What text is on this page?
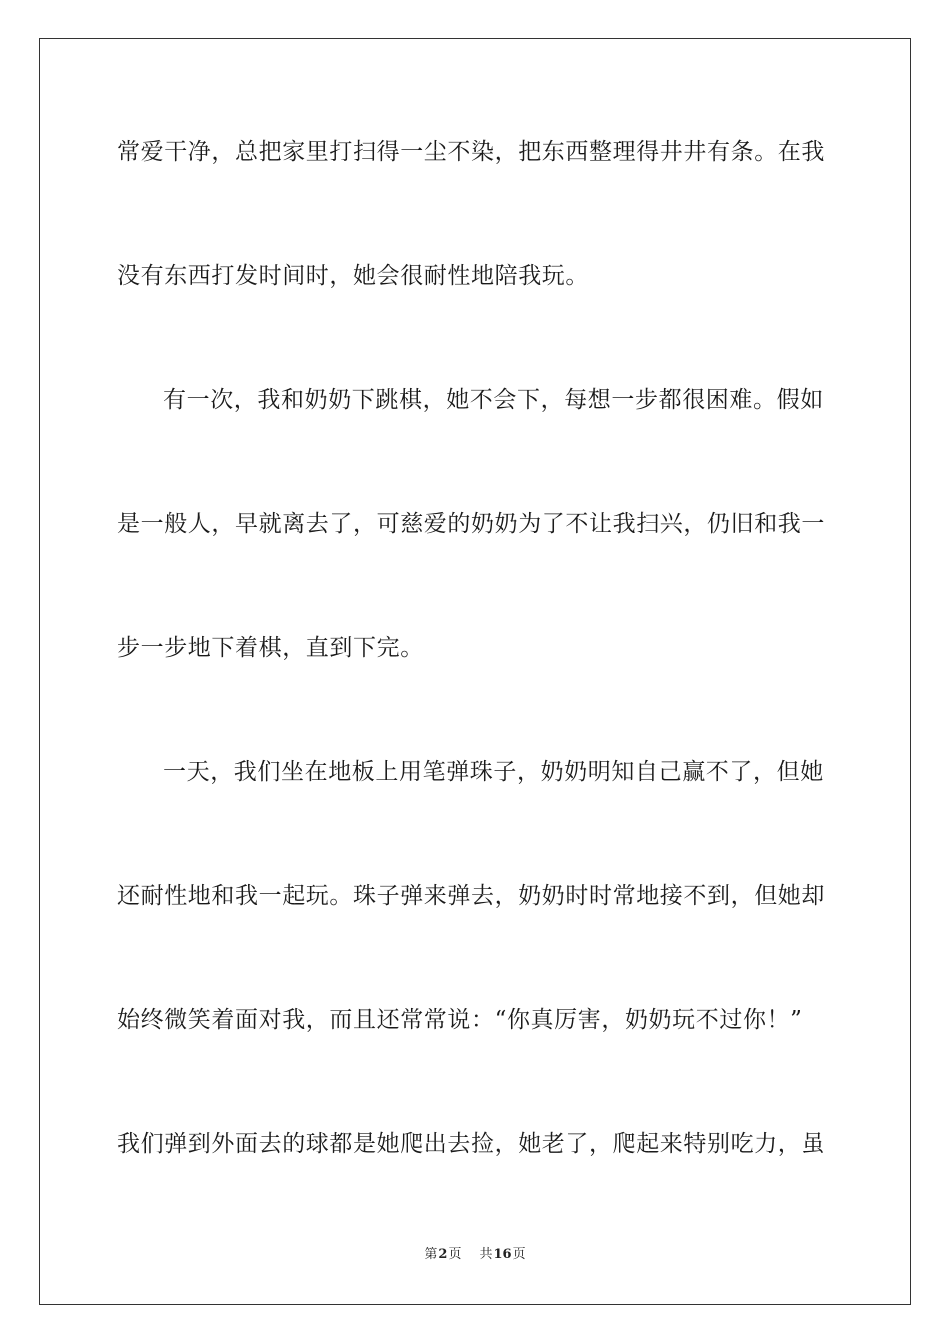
常爱干净，总把家里打扫得一尘不染，把东西整理得井井有条。在我
没有东西打发时间时，她会很耐性地陪我玩。
有一次，我和奶奶下跳棋，她不会下，每想一步都很困难。假如
是一般人，早就离去了，可慈爱的奶奶为了不让我扫兴，仍旧和我一
步一步地下着棋，直到下完。
一天，我们坐在地板上用笔弹珠子，奶奶明知自己赢不了，但她
还耐性地和我一起玩。珠子弹来弹去，奶奶时时常地接不到，但她却
始终微笑着面对我，而且还常常说：“你真厉害，奶奶玩不过你！”
我们弹到外面去的球都是她爬出去捡，她老了，爬起来特别吃力，虽
第2页 共16页
